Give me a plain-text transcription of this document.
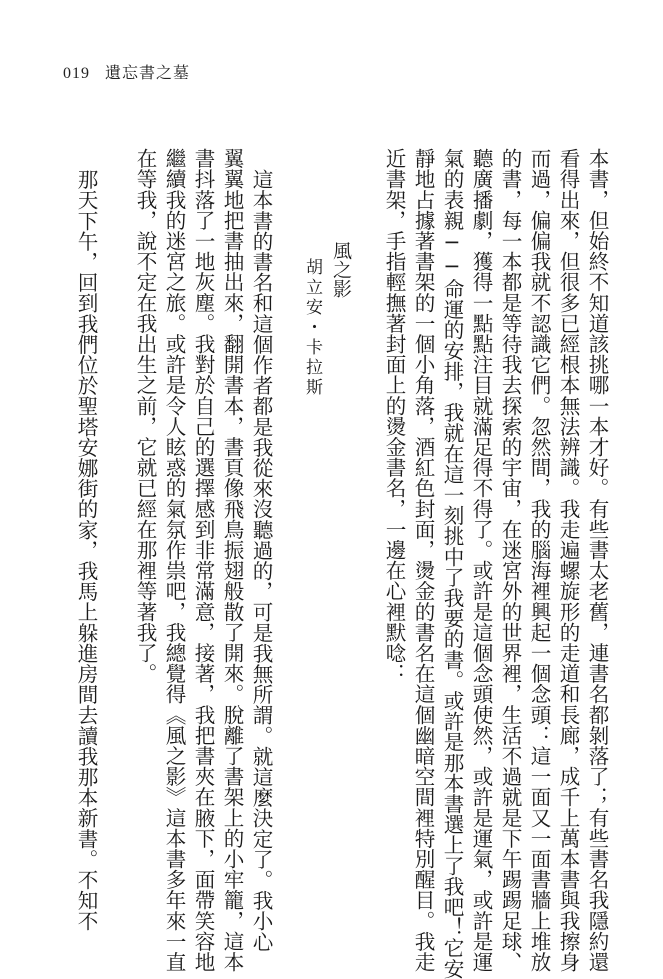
019 遺忘書之墓
本書，但始終不知道該挑哪一本才好。有些書太老舊，連書名都剝落了；有些書名我隱約還
看得出來，但很多已經根本無法辨識。我走遍螺旋形的走道和長廊，成千上萬本書與我擦身
而過，偏偏我就不認識它們。忽然間，我的腦海裡興起一個念頭：這一面又一面書牆上堆放
的書，每一本都是等待我去探索的宇宙，在迷宮外的世界裡，生活不過就是下午踢踢足球、
聽廣播劇，獲得一點點注目就滿足得不得了。或許是這個念頭使然，或許是運氣，或許是運
氣的表親──命運的安排，我就在這一刻挑中了我要的書。或許是那本書選上了我吧！它安
靜地占據著書架的一個小角落，酒紅色封面，燙金的書名在這個幽暗空間裡特別醒目。我走
近書架，手指輕撫著封面上的燙金書名，一邊在心裡默唸：
風之影
胡立安・卡拉斯
這本書的書名和這個作者都是我從來沒聽過的，可是我無所謂。就這麼決定了。我小心
翼翼地把書抽出來，翻開書本，書頁像飛鳥振翅般散了開來。脫離了書架上的小牢籠，這本
書抖落了一地灰塵。我對於自己的選擇感到非常滿意，接著，我把書夾在腋下，面帶笑容地
繼續我的迷宮之旅。或許是令人眩惑的氣氛作祟吧，我總覺得《風之影》這本書多年來一直
在等我，說不定在我出生之前，它就已經在那裡等著我了。
那天下午，回到我們位於聖塔安娜街的家，我馬上躲進房間去讀我那本新書。不知不
